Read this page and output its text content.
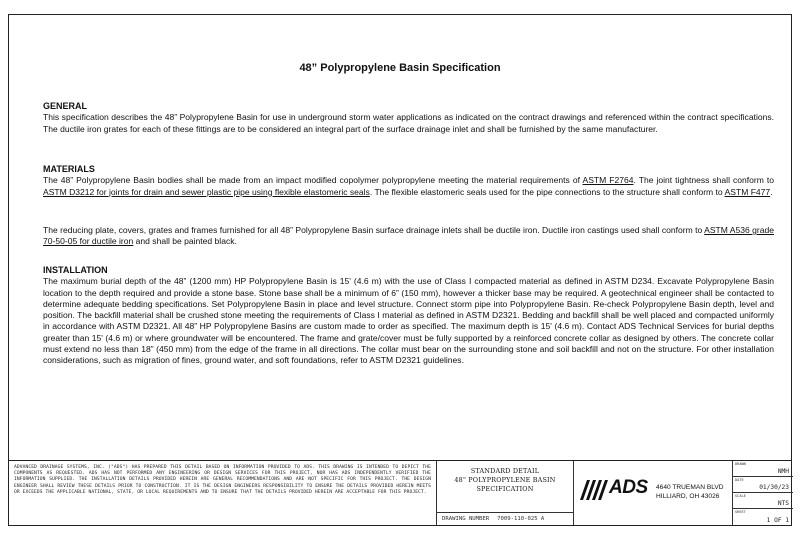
48” Polypropylene Basin Specification
GENERAL

This specification describes the 48” Polypropylene Basin for use in underground storm water applications as indicated on the contract drawings and referenced within the contract specifications. The ductile iron grates for each of these fittings are to be considered an integral part of the surface drainage inlet and shall be furnished by the same manufacturer.

MATERIALS

The 48” Polypropylene Basin bodies shall be made from an impact modified copolymer polypropylene meeting the material requirements of ASTM F2764. The joint tightness shall conform to ASTM D3212 for joints for drain and sewer plastic pipe using flexible elastomeric seals. The flexible elastomeric seals used for the pipe connections to the structure shall conform to ASTM F477.

The reducing plate, covers, grates and frames furnished for all 48” Polypropylene Basin surface drainage inlets shall be ductile iron. Ductile iron castings used shall conform to ASTM A536 grade 70-50-05 for ductile iron and shall be painted black.

INSTALLATION

The maximum burial depth of the 48” (1200 mm) HP Polypropylene Basin is 15' (4.6 m) with the use of Class I compacted material as defined in ASTM D234. Excavate Polypropylene Basin location to the depth required and provide a stone base. Stone base shall be a minimum of 6” (150 mm), however a thicker base may be required. A geotechnical engineer shall be contacted to determine adequate bedding specifications. Set Polypropylene Basin in place and level structure. Connect storm pipe into Polypropylene Basin. Re-check Polypropylene Basin depth, level and position. The backfill material shall be crushed stone meeting the requirements of Class I material as defined in ASTM D2321. Bedding and backfill shall be well placed and compacted uniformly in accordance with ASTM D2321. All 48” HP Polypropylene Basins are custom made to order as specified. The maximum depth is 15' (4.6 m). Contact ADS Technical Services for burial depths greater than 15' (4.6 m) or where groundwater will be encountered. The frame and grate/cover must be fully supported by a reinforced concrete collar as designed by others. The concrete collar must extend no less than 18” (450 mm) from the edge of the frame in all directions. The collar must bear on the surrounding stone and soil backfill and not on the structure. For other installation considerations, such as migration of fines, ground water, and soft foundations, refer to ASTM D2321 guidelines.

ADVANCED DRAINAGE SYSTEMS, INC. ("ADS") HAS PREPARED THIS DETAIL BASED ON INFORMATION PROVIDED TO ADS. THIS DRAWING IS INTENDED TO DEPICT THE COMPONENTS AS REQUESTED. ADS HAS NOT PERFORMED ANY ENGINEERING OR DESIGN SERVICES FOR THIS PROJECT, NOR HAS ADS INDEPENDENTLY VERIFIED THE INFORMATION SUPPLIED. THE INSTALLATION DETAILS PROVIDED HEREIN ARE GENERAL RECOMMENDATIONS AND ARE NOT SPECIFIC FOR THIS PROJECT. THE DESIGN ENGINEER SHALL REVIEW THESE DETAILS PRIOR TO CONSTRUCTION. IT IS THE DESIGN ENGINEERS RESPONSIBILITY TO ENSURE THE DETAILS PROVIDED HEREIN MEETS OR EXCEEDS THE APPLICABLE NATIONAL, STATE, OR LOCAL REQUIREMENTS AND TO ENSURE THAT THE DETAILS PROVIDED HEREIN ARE ACCEPTABLE FOR THIS PROJECT.
STANDARD DETAIL
48" POLYPROPYLENE BASIN
SPECIFICATION
DRAWING NUMBER 7009-110-025 A
ADS 4640 TRUEMAN BLVD
HILLIARD, OH 43026
DRAWN
NMH
DATE
01/30/23
SCALE
NTS
SHEET
1 OF 1
